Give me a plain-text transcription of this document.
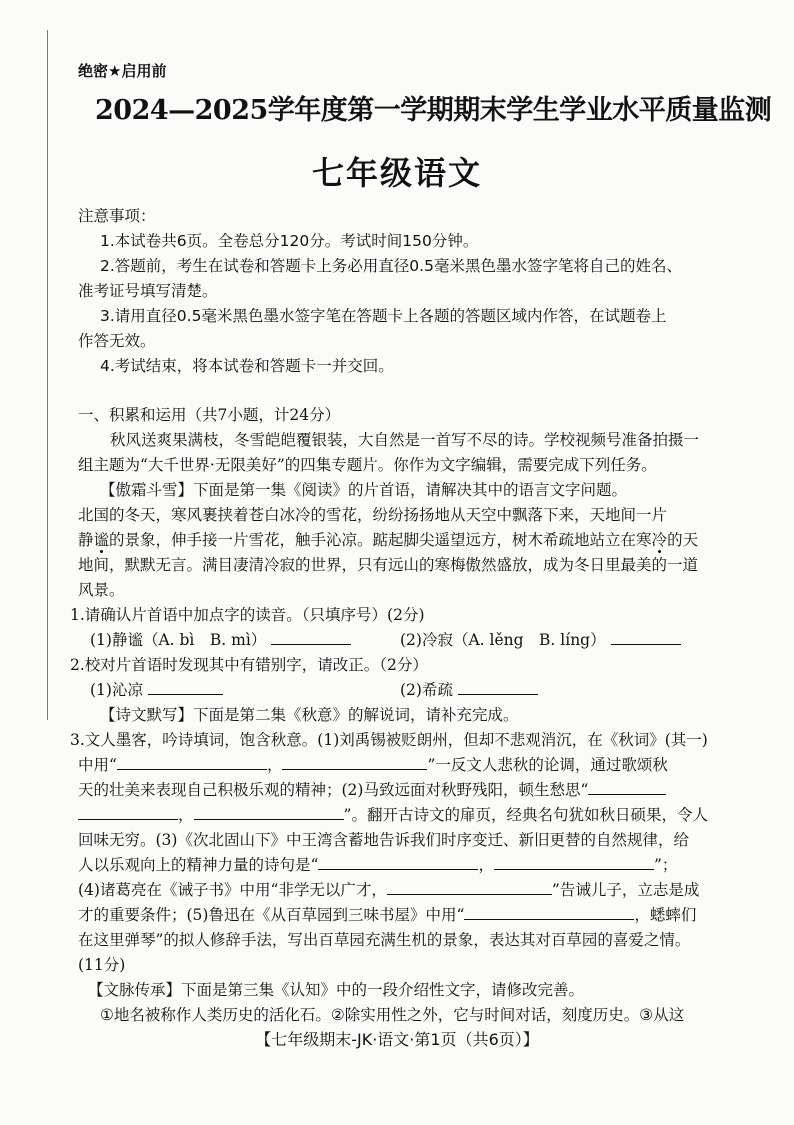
绝密★启用前
2024—2025学年度第一学期期末学生学业水平质量监测
七年级语文
注意事项：
1.本试卷共6页。全卷总分120分。考试时间150分钟。
2.答题前，考生在试卷和答题卡上务必用直径0.5毫米黑色墨水签字笔将自己的姓名、
准考证号填写清楚。
3.请用直径0.5毫米黑色墨水签字笔在答题卡上各题的答题区域内作答，在试题卷上
作答无效。
4.考试结束，将本试卷和答题卡一并交回。
一、积累和运用（共7小题，计24分）
秋风送爽果满枝，冬雪皑皑覆银装，大自然是一首写不尽的诗。学校视频号准备拍摄一
组主题为“大千世界·无限美好”的四集专题片。你作为文字编辑，需要完成下列任务。
【傲霜斗雪】下面是第一集《阅读》的片首语，请解决其中的语言文字问题。
北国的冬天，寒风裹挟着苍白冰冷的雪花，纷纷扬扬地从天空中飘落下来，天地间一片
静谧的景象，伸手接一片雪花，触手沁凉。踮起脚尖遥望远方，树木希疏地站立在寒冷的天
地间，默默无言。满目凄清冷寂的世界，只有远山的寒梅傲然盛放，成为冬日里最美的一道
风景。
1.请确认片首语中加点字的读音。（只填序号）(2分)
(1)静谧（A. bì　B. mì）	(2)冷寂（A. lěng　B. líng）
2.校对片首语时发现其中有错别字，请改正。（2分）
(1)沁凉	(2)希疏
【诗文默写】下面是第二集《秋意》的解说词，请补充完成。
3.文人墨客，吟诗填词，饱含秋意。(1)刘禹锡被贬朗州，但却不悲观消沉，在《秋词》(其一)
中用“	，	”一反文人悲秋的论调，通过歌颂秋
天的壮美来表现自己积极乐观的精神；(2)马致远面对秋野残阳，顿生愁思“
，	”。翻开古诗文的扉页，经典名句犹如秋日硕果，令人
回味无穷。(3)《次北固山下》中王湾含蓄地告诉我们时序变迁、新旧更替的自然规律，给
人以乐观向上的精神力量的诗句是“	，	”；
(4)诸葛亮在《诫子书》中用“非学无以广才，	”告诫儿子，立志是成
才的重要条件；(5)鲁迅在《从百草园到三味书屋》中用“	，蟋蟀们
在这里弹琴”的拟人修辞手法，写出百草园充满生机的景象，表达其对百草园的喜爱之情。
(11分)
【文脉传承】下面是第三集《认知》中的一段介绍性文字，请修改完善。
①地名被称作人类历史的活化石。②除实用性之外，它与时间对话，刻度历史。③从这
【七年级期末-JK·语文·第1页（共6页）】
